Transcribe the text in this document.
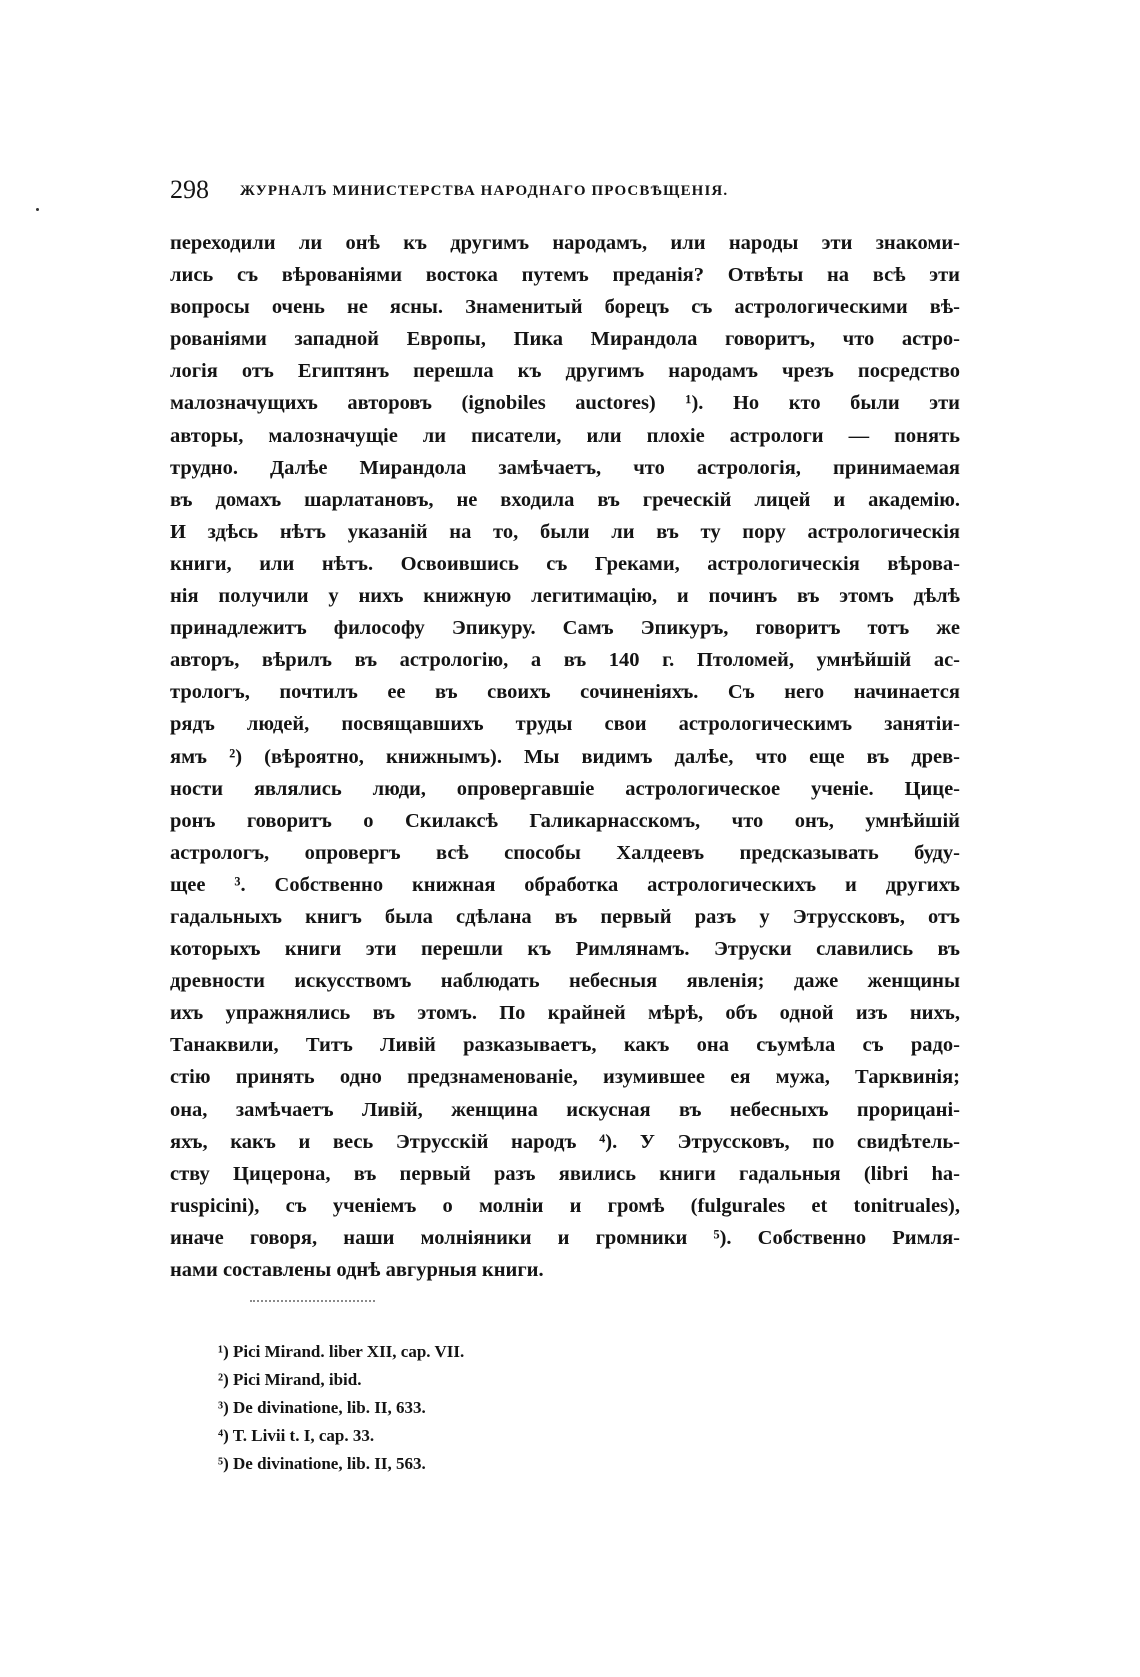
298 ЖУРНАЛЪ МИНИСТЕРСТВА НАРОДНАГО ПРОСВѢЩЕНІЯ.
переходили ли онѣ къ другимъ народамъ, или народы эти знакоми-
лись съ вѣрованіями востока путемъ преданія? Отвѣты на всѣ эти
вопросы очень не ясны. Знаменитый борецъ съ астрологическими вѣ-
рованіями западной Европы, Пика Мирандола говоритъ, что астро-
логія отъ Египтянъ перешла къ другимъ народамъ чрезъ посредство
малозначущихъ авторовъ (ignobiles auctores) ¹). Но кто были эти
авторы, малозначущіе ли писатели, или плохіе астрологи — понять
трудно. Далѣе Мирандола замѣчаетъ, что астрологія, принимаемая
въ домахъ шарлатановъ, не входила въ греческій лицей и академію.
И здѣсь нѣтъ указаній на то, были ли въ ту пору астрологическія
книги, или нѣтъ. Освоившись съ Греками, астрологическія вѣрова-
нія получили у нихъ книжную легитимацію, и починъ въ этомъ дѣлѣ
принадлежитъ философу Эпикуру. Самъ Эпикуръ, говоритъ тотъ же
авторъ, вѣрилъ въ астрологію, а въ 140 г. Птоломей, умнѣйшій ас-
трологъ, почтилъ ее въ своихъ сочиненіяхъ. Съ него начинается
рядъ людей, посвящавшихъ труды свои астрологическимъ занятіи-
ямъ ²) (вѣроятно, книжнымъ). Мы видимъ далѣе, что еще въ древ-
ности являлись люди, опровергавшіе астрологическое ученіе. Цице-
ронъ говоритъ о Скилаксѣ Галикарнасскомъ, что онъ, умнѣйшій
астрологъ, опровергъ всѣ способы Халдеевъ предсказывать буду-
щее ³. Собственно книжная обработка астрологическихъ и другихъ
гадальныхъ книгъ была сдѣлана въ первый разъ у Этруссковъ, отъ
которыхъ книги эти перешли къ Римлянамъ. Этруски славились въ
древности искусствомъ наблюдать небесныя явленія; даже женщины
ихъ упражнялись въ этомъ. По крайней мѣрѣ, объ одной изъ нихъ,
Танаквили, Титъ Ливій разказываетъ, какъ она съумѣла съ радо-
стію принять одно предзнаменованіе, изумившее ея мужа, Тарквинія;
она, замѣчаетъ Ливій, женщина искусная въ небесныхъ прорицані-
яхъ, какъ и весь Этрусскій народъ ⁴). У Этруссковъ, по свидѣтель-
ству Цицерона, въ первый разъ явились книги гадальныя (libri ha-
ruspicini), съ ученіемъ о молніи и громѣ (fulgurales et tonitruales),
иначе говоря, наши молніяники и громники ⁵). Собственно Римля-
нами составлены однѣ авгурныя книги.
¹) Pici Mirand. liber XII, cap. VII.
²) Pici Mirand, ibid.
³) De divinatione, lib. II, 633.
⁴) T. Livii t. I, cap. 33.
⁵) De divinatione, lib. II, 563.
